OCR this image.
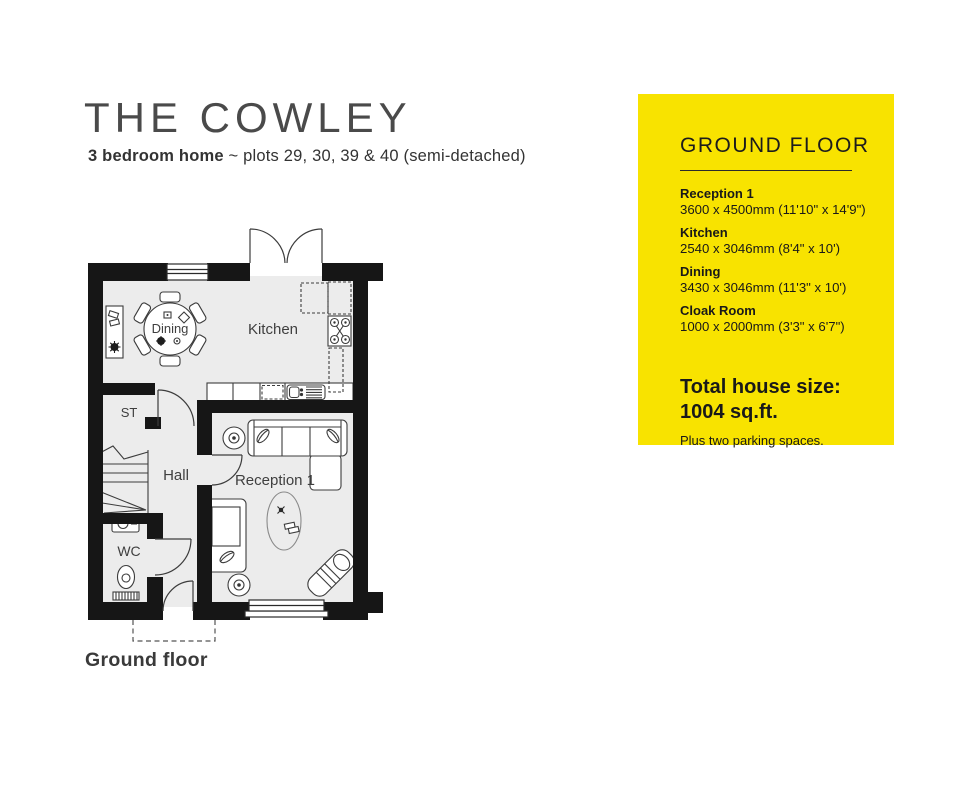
THE COWLEY

3 bedroom home ~ plots 29, 30, 39 & 40 (semi-detached)

Dining	Kitchen
ST
Hall
WC
Reception 1
Ground floor
GROUND FLOOR
Reception 1
3600 x 4500mm (11'10" x 14'9")
Kitchen
2540 x 3046mm (8'4" x 10')
Dining
3430 x 3046mm (11'3" x 10')
Cloak Room
1000 x 2000mm (3'3" x 6'7")
Total house size:
1004 sq.ft.
Plus two parking spaces.
